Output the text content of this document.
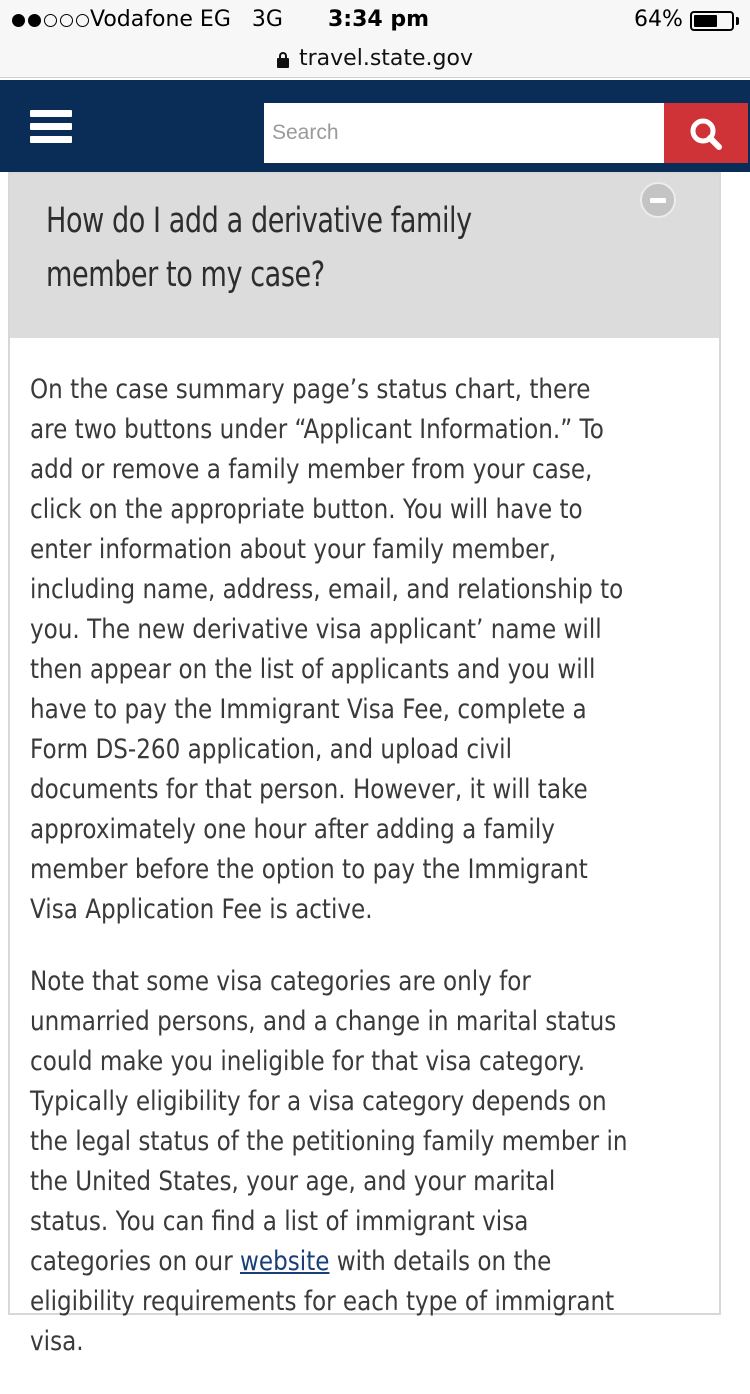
Vodafone EG 3G 3:34 pm	64%
travel.state.gov
Search
How do I add a derivative family member to my case?

On the case summary page’s status chart, there are two buttons under “Applicant Information.” To add or remove a family member from your case, click on the appropriate button. You will have to enter information about your family member, including name, address, email, and relationship to you. The new derivative visa applicant’ name will then appear on the list of applicants and you will have to pay the Immigrant Visa Fee, complete a Form DS-260 application, and upload civil documents for that person. However, it will take approximately one hour after adding a family member before the option to pay the Immigrant Visa Application Fee is active.

Note that some visa categories are only for unmarried persons, and a change in marital status could make you ineligible for that visa category. Typically eligibility for a visa category depends on the legal status of the petitioning family member in the United States, your age, and your marital status. You can find a list of immigrant visa categories on our website with details on the eligibility requirements for each type of immigrant visa.
